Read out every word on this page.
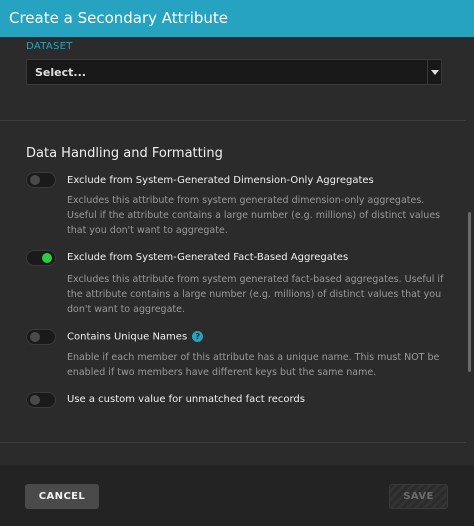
Create a Secondary Attribute
DATASET
Select...
Data Handling and Formatting
Exclude from System-Generated Dimension-Only Aggregates
Excludes this attribute from system generated dimension-only aggregates. Useful if the attribute contains a large number (e.g. millions) of distinct values that you don't want to aggregate.
Exclude from System-Generated Fact-Based Aggregates
Excludes this attribute from system generated fact-based aggregates. Useful if the attribute contains a large number (e.g. millions) of distinct values that you don't want to aggregate.
Contains Unique Names ?
Enable if each member of this attribute has a unique name. This must NOT be enabled if two members have different keys but the same name.
Use a custom value for unmatched fact records
CANCEL	SAVE
